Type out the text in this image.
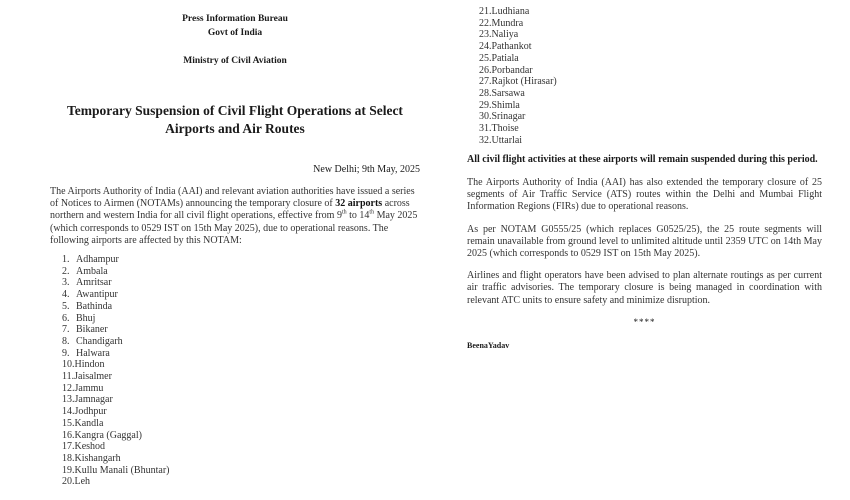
Press Information Bureau
Govt of India
Ministry of Civil Aviation
Temporary Suspension of Civil Flight Operations at Select
Airports and Air Routes
New Delhi; 9th May, 2025
The Airports Authority of India (AAI) and relevant aviation authorities have issued a series of Notices to Airmen (NOTAMs) announcing the temporary closure of 32 airports across northern and western India for all civil flight operations, effective from 9th to 14th May 2025 (which corresponds to 0529 IST on 15th May 2025), due to operational reasons. The following airports are affected by this NOTAM:
1. Adhampur
2. Ambala
3. Amritsar
4. Awantipur
5. Bathinda
6. Bhuj
7. Bikaner
8. Chandigarh
9. Halwara
10.Hindon
11.Jaisalmer
12.Jammu
13.Jamnagar
14.Jodhpur
15.Kandla
16.Kangra (Gaggal)
17.Keshod
18.Kishangarh
19.Kullu Manali (Bhuntar)
20.Leh
21.Ludhiana
22.Mundra
23.Naliya
24.Pathankot
25.Patiala
26.Porbandar
27.Rajkot (Hirasar)
28.Sarsawa
29.Shimla
30.Srinagar
31.Thoise
32.Uttarlai
All civil flight activities at these airports will remain suspended during this period.
The Airports Authority of India (AAI) has also extended the temporary closure of 25 segments of Air Traffic Service (ATS) routes within the Delhi and Mumbai Flight Information Regions (FIRs) due to operational reasons.
As per NOTAM G0555/25 (which replaces G0525/25), the 25 route segments will remain unavailable from ground level to unlimited altitude until 2359 UTC on 14th May 2025 (which corresponds to 0529 IST on 15th May 2025).
Airlines and flight operators have been advised to plan alternate routings as per current air traffic advisories. The temporary closure is being managed in coordination with relevant ATC units to ensure safety and minimize disruption.
****
BeenaYadav
